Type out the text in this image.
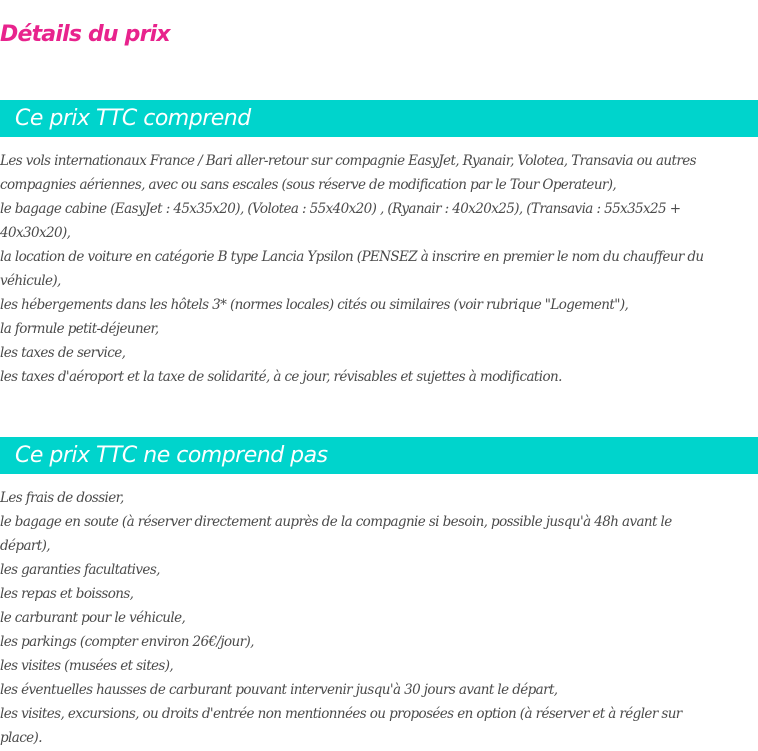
Détails du prix
Ce prix TTC comprend
Les vols internationaux France / Bari aller-retour sur compagnie EasyJet, Ryanair, Volotea, Transavia ou autres compagnies aériennes, avec ou sans escales (sous réserve de modification par le Tour Operateur),
le bagage cabine (EasyJet : 45x35x20), (Volotea : 55x40x20) , (Ryanair : 40x20x25), (Transavia : 55x35x25 + 40x30x20),
la location de voiture en catégorie B type Lancia Ypsilon (PENSEZ à inscrire en premier le nom du chauffeur du véhicule),
les hébergements dans les hôtels 3* (normes locales) cités ou similaires (voir rubrique "Logement"),
la formule petit-déjeuner,
les taxes de service,
les taxes d'aéroport et la taxe de solidarité, à ce jour, révisables et sujettes à modification.
Ce prix TTC ne comprend pas
Les frais de dossier,
le bagage en soute (à réserver directement auprès de la compagnie si besoin, possible jusqu'à 48h avant le départ),
les garanties facultatives,
les repas et boissons,
le carburant pour le véhicule,
les parkings (compter environ 26€/jour),
les visites (musées et sites),
les éventuelles hausses de carburant pouvant intervenir jusqu'à 30 jours avant le départ,
les visites, excursions, ou droits d'entrée non mentionnées ou proposées en option (à réserver et à régler sur place).
